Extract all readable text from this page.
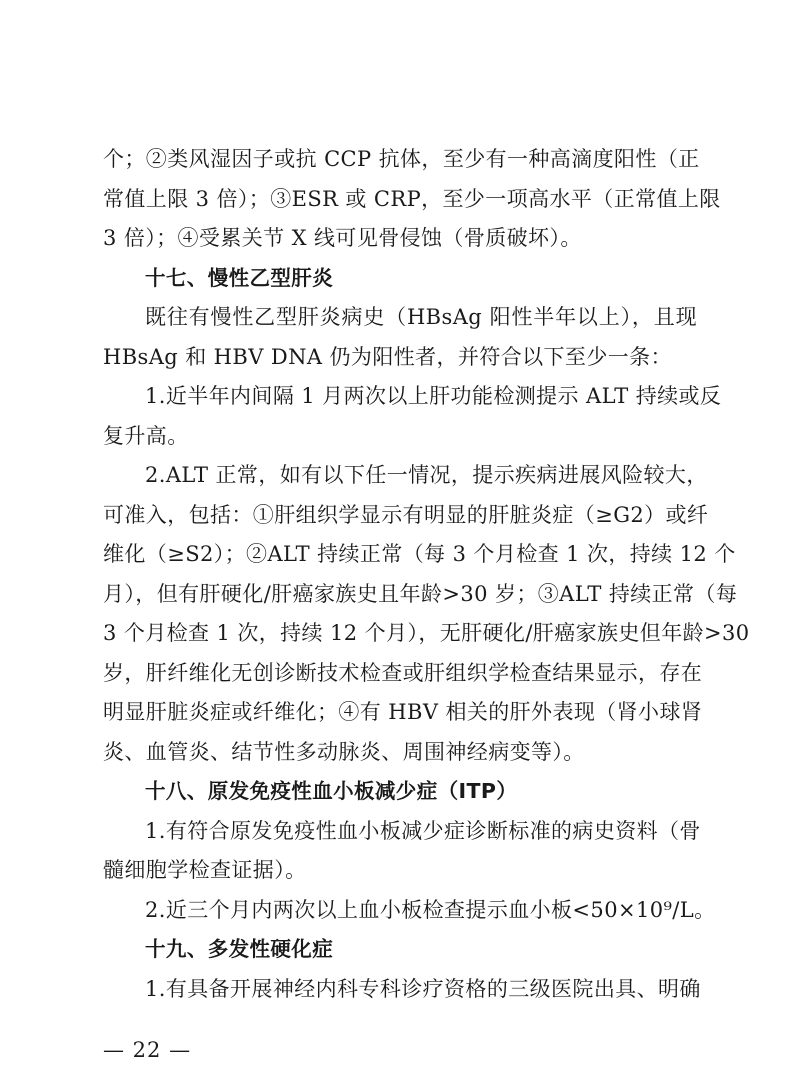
个；②类风湿因子或抗 CCP 抗体，至少有一种高滴度阳性（正
常值上限 3 倍）；③ESR 或 CRP，至少一项高水平（正常值上限
3 倍）；④受累关节 X 线可见骨侵蚀（骨质破坏）。
十七、慢性乙型肝炎
既往有慢性乙型肝炎病史（HBsAg 阳性半年以上），且现
HBsAg 和 HBV DNA 仍为阳性者，并符合以下至少一条：
1.近半年内间隔 1 月两次以上肝功能检测提示 ALT 持续或反
复升高。
2.ALT 正常，如有以下任一情况，提示疾病进展风险较大，
可准入，包括：①肝组织学显示有明显的肝脏炎症（≥G2）或纤
维化（≥S2）；②ALT 持续正常（每 3 个月检查 1 次，持续 12 个
月），但有肝硬化/肝癌家族史且年龄>30 岁；③ALT 持续正常（每
3 个月检查 1 次，持续 12 个月），无肝硬化/肝癌家族史但年龄>30
岁，肝纤维化无创诊断技术检查或肝组织学检查结果显示，存在
明显肝脏炎症或纤维化；④有 HBV 相关的肝外表现（肾小球肾
炎、血管炎、结节性多动脉炎、周围神经病变等）。
十八、原发免疫性血小板减少症（ITP）
1.有符合原发免疫性血小板减少症诊断标准的病史资料（骨
髓细胞学检查证据）。
2.近三个月内两次以上血小板检查提示血小板<50×10⁹/L。
十九、多发性硬化症
1.有具备开展神经内科专科诊疗资格的三级医院出具、明确
— 22 —
